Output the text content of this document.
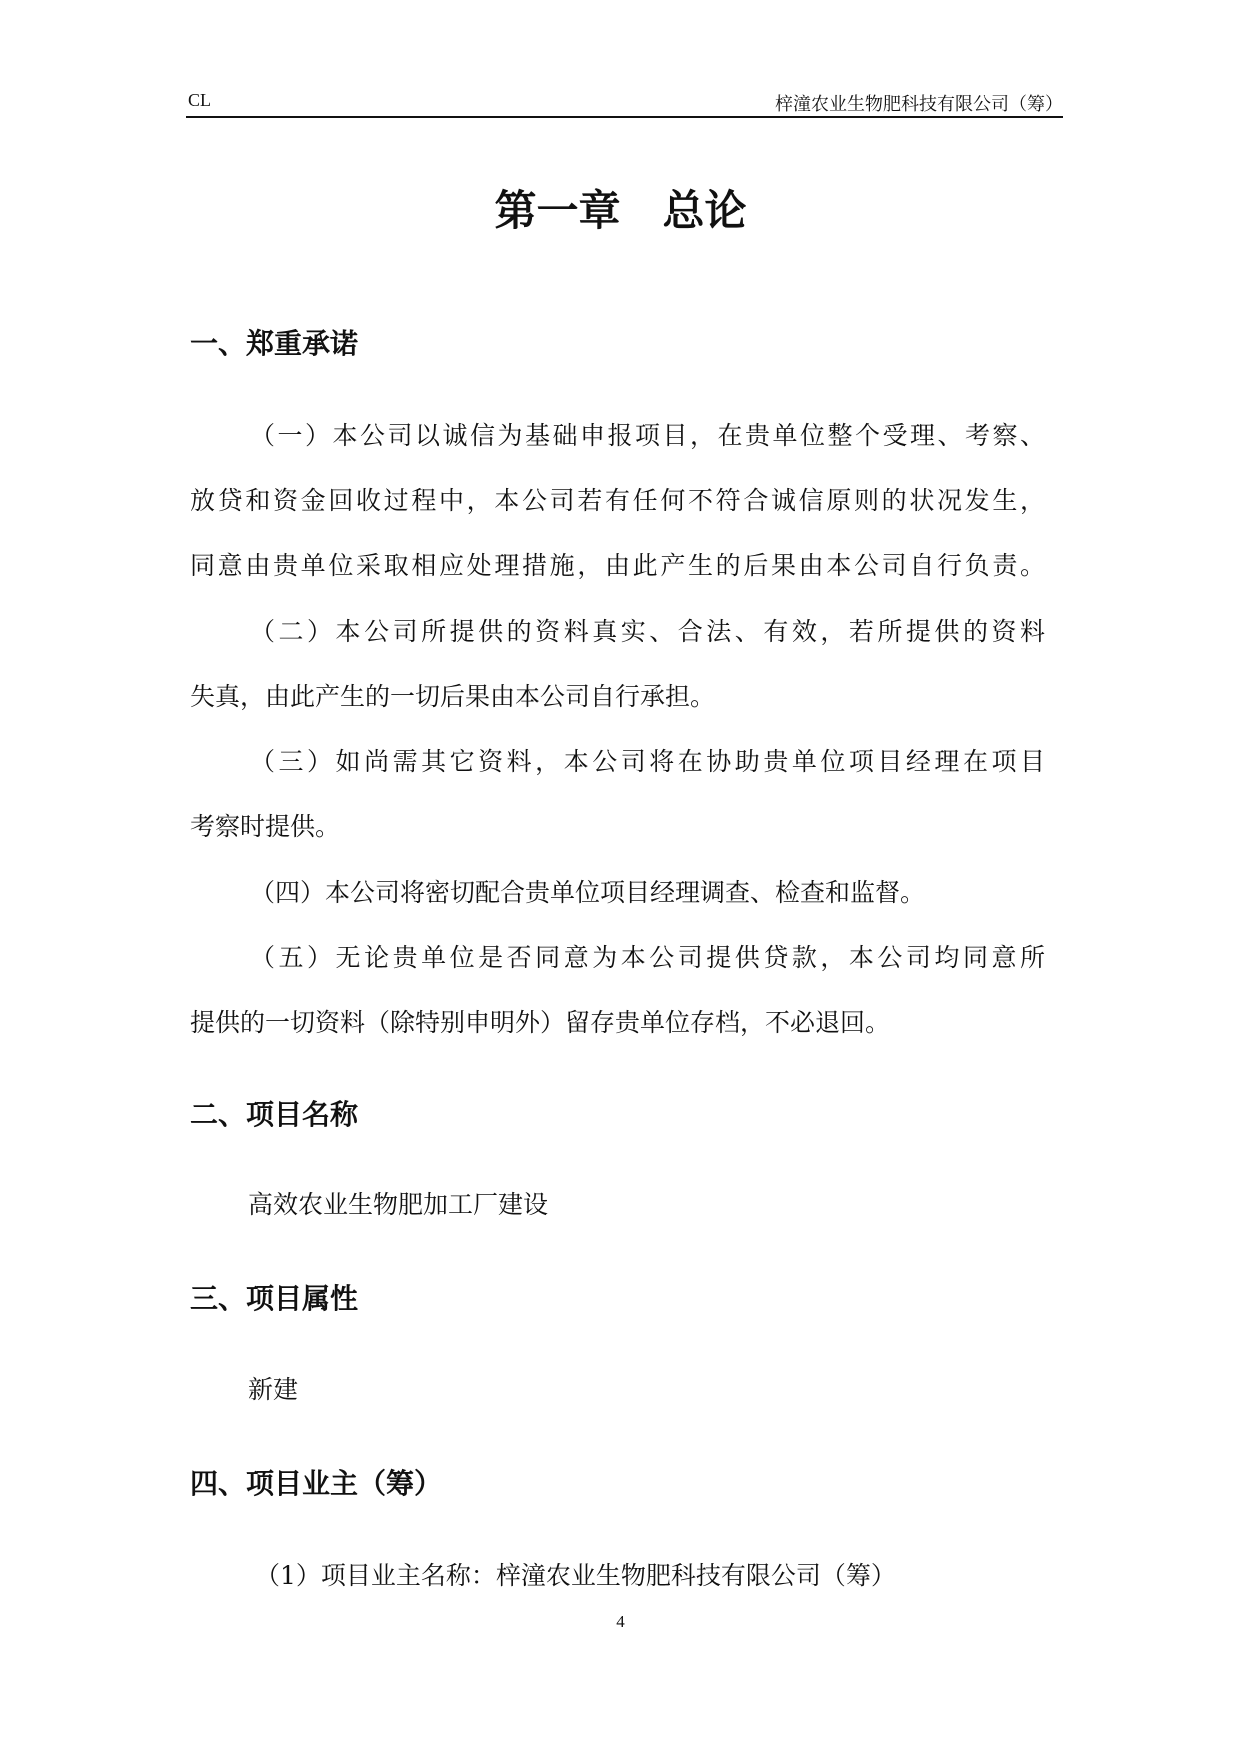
CL	梓潼农业生物肥科技有限公司（筹）
第一章　总论
一、郑重承诺
（一）本公司以诚信为基础申报项目，在贵单位整个受理、考察、
放贷和资金回收过程中，本公司若有任何不符合诚信原则的状况发生，
同意由贵单位采取相应处理措施，由此产生的后果由本公司自行负责。
（二）本公司所提供的资料真实、合法、有效，若所提供的资料
失真，由此产生的一切后果由本公司自行承担。
（三）如尚需其它资料，本公司将在协助贵单位项目经理在项目
考察时提供。
（四）本公司将密切配合贵单位项目经理调查、检查和监督。
（五）无论贵单位是否同意为本公司提供贷款，本公司均同意所
提供的一切资料（除特别申明外）留存贵单位存档，不必退回。
二、项目名称
高效农业生物肥加工厂建设
三、项目属性
新建
四、项目业主（筹）
（1）项目业主名称：梓潼农业生物肥科技有限公司（筹）
4
